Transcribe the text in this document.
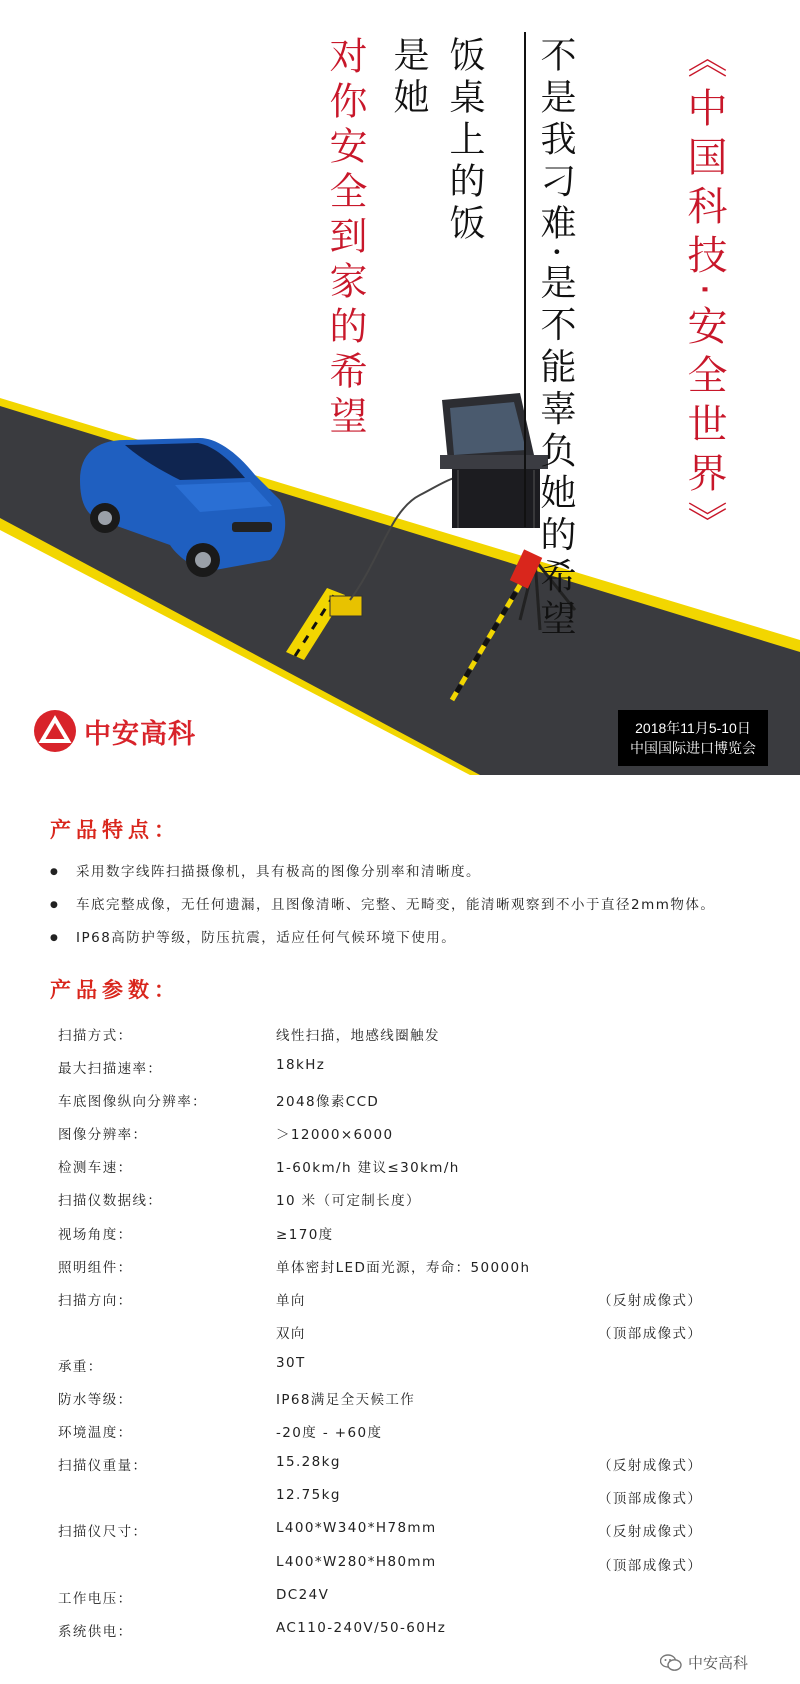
对你安全到家的希望 是她 饭桌上的饭 不是我刁难·是不能辜负她的希望	《中国科技·安全世界》
中安高科	2018年11月5-10日
中国国际进口博览会
产品特点：
● 采用数字线阵扫描摄像机，具有极高的图像分别率和清晰度。
● 车底完整成像，无任何遗漏，且图像清晰、完整、无畸变，能清晰观察到不小于直径2mm物体。
● IP68高防护等级，防压抗震，适应任何气候环境下使用。
产品参数：
扫描方式：	线性扫描，地感线圈触发
最大扫描速率：	18kHz
车底图像纵向分辨率：	2048像素CCD
图像分辨率：	＞12000×6000
检测车速：	1-60km/h 建议≤30km/h
扫描仪数据线：	10 米（可定制长度）
视场角度：	≥170度
照明组件：	单体密封LED面光源，寿命：50000h
扫描方向：	单向	（反射成像式）
双向	（顶部成像式）
承重：	30T
防水等级：	IP68满足全天候工作
环境温度：	-20度 - +60度
扫描仪重量：	15.28kg	（反射成像式）
12.75kg	（顶部成像式）
扫描仪尺寸：	L400*W340*H78mm	（反射成像式）
L400*W280*H80mm	（顶部成像式）
工作电压：	DC24V
系统供电：	AC110-240V/50-60Hz
中安高科
